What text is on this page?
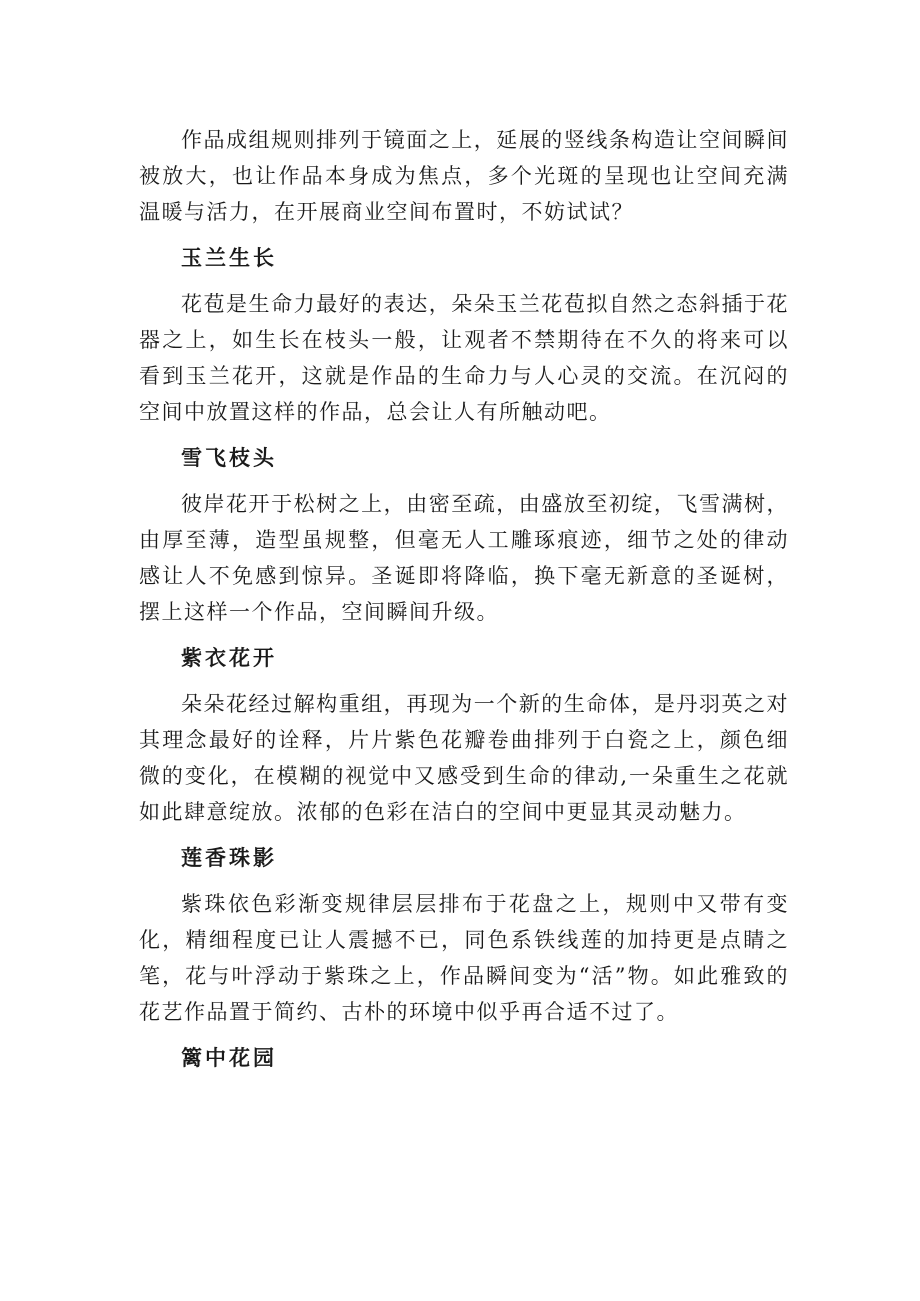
作品成组规则排列于镜面之上，延展的竖线条构造让空间瞬间被放大，也让作品本身成为焦点，多个光斑的呈现也让空间充满温暖与活力，在开展商业空间布置时，不妨试试？

玉兰生长

花苞是生命力最好的表达，朵朵玉兰花苞拟自然之态斜插于花器之上，如生长在枝头一般，让观者不禁期待在不久的将来可以看到玉兰花开，这就是作品的生命力与人心灵的交流。在沉闷的空间中放置这样的作品，总会让人有所触动吧。

雪飞枝头

彼岸花开于松树之上，由密至疏，由盛放至初绽，飞雪满树，由厚至薄，造型虽规整，但毫无人工雕琢痕迹，细节之处的律动感让人不免感到惊异。圣诞即将降临，换下毫无新意的圣诞树，摆上这样一个作品，空间瞬间升级。

紫衣花开

朵朵花经过解构重组，再现为一个新的生命体，是丹羽英之对其理念最好的诠释，片片紫色花瓣卷曲排列于白瓷之上，颜色细微的变化，在模糊的视觉中又感受到生命的律动,一朵重生之花就如此肆意绽放。浓郁的色彩在洁白的空间中更显其灵动魅力。

莲香珠影

紫珠依色彩渐变规律层层排布于花盘之上，规则中又带有变化，精细程度已让人震撼不已，同色系铁线莲的加持更是点睛之笔，花与叶浮动于紫珠之上，作品瞬间变为“活”物。如此雅致的花艺作品置于简约、古朴的环境中似乎再合适不过了。

篱中花园
